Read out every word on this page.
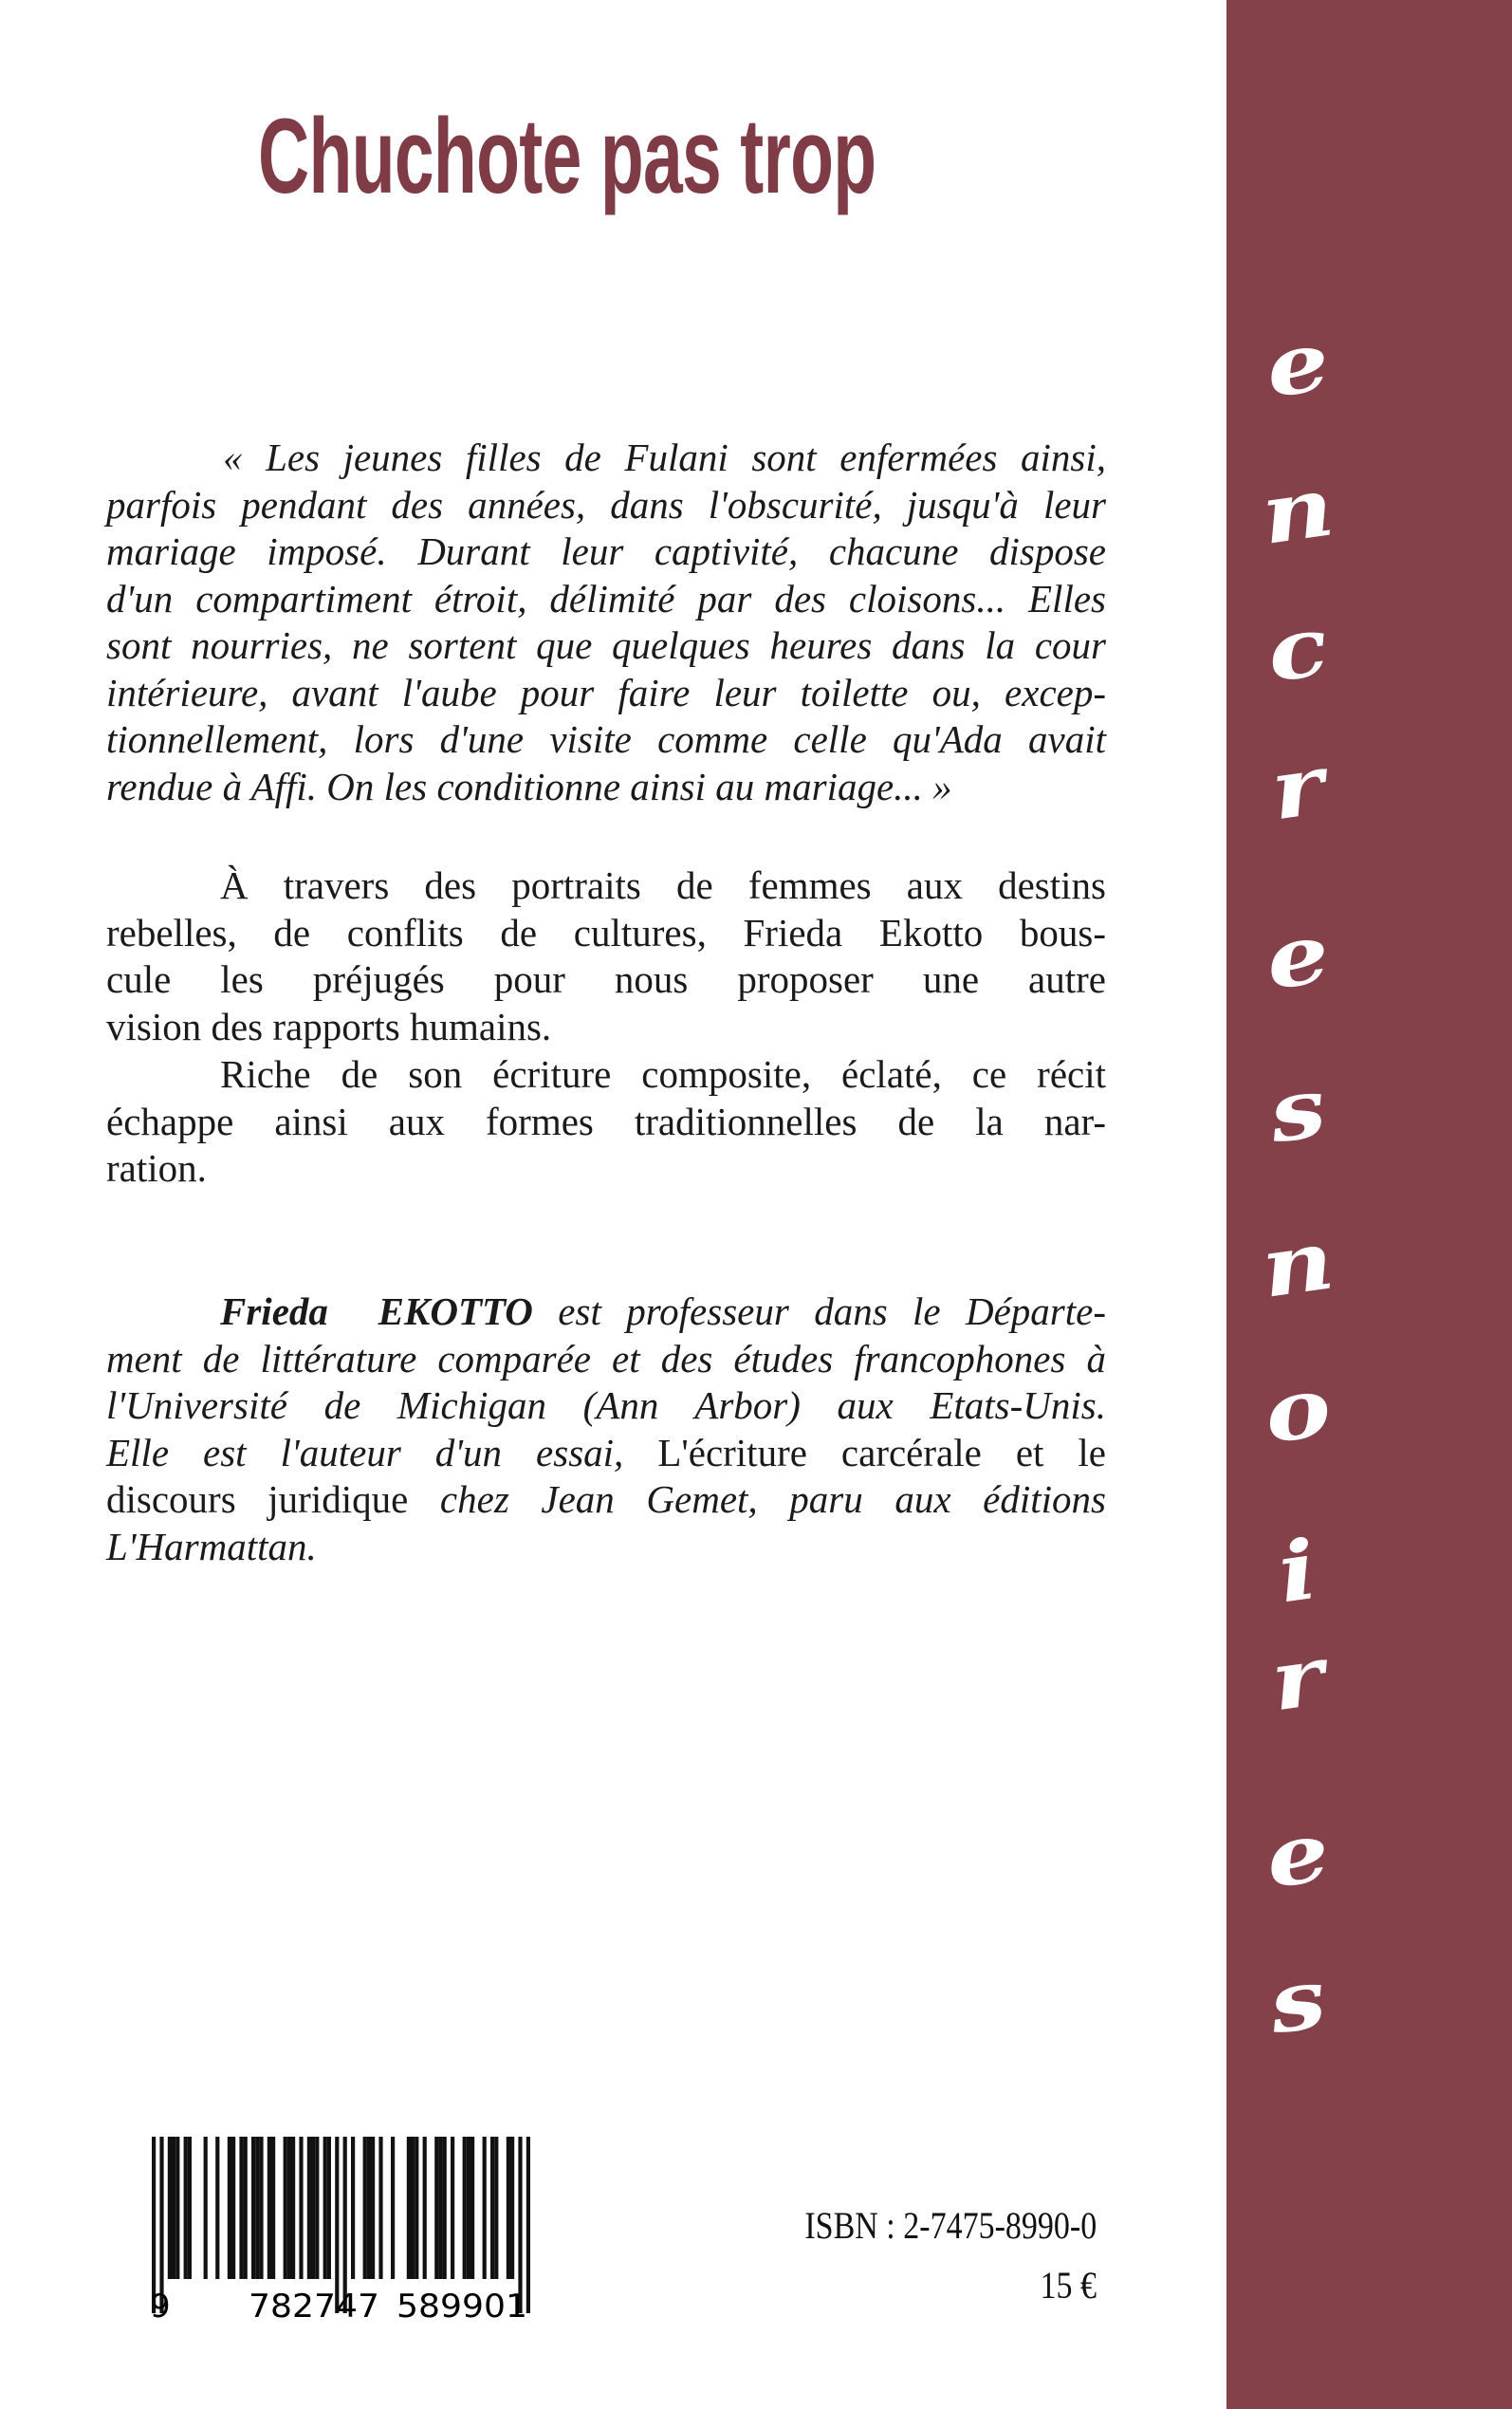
Chuchote pas trop
« Les jeunes filles de Fulani sont enfermées ainsi,
parfois pendant des années, dans l'obscurité, jusqu'à leur
mariage imposé. Durant leur captivité, chacune dispose
d'un compartiment étroit, délimité par des cloisons... Elles
sont nourries, ne sortent que quelques heures dans la cour
intérieure, avant l'aube pour faire leur toilette ou, excep-
tionnellement, lors d'une visite comme celle qu'Ada avait
rendue à Affi. On les conditionne ainsi au mariage... »
À travers des portraits de femmes aux destins
rebelles, de conflits de cultures, Frieda Ekotto bous-
cule les préjugés pour nous proposer une autre
vision des rapports humains.
Riche de son écriture composite, éclaté, ce récit
échappe ainsi aux formes traditionnelles de la nar-
ration.
Frieda  EKOTTO est professeur dans le Départe-
ment de littérature comparée et des études francophones à
l'Université de Michigan (Ann Arbor) aux Etats-Unis.
Elle est l'auteur d'un essai, L'écriture carcérale et le
discours juridique chez Jean Gemet, paru aux éditions
L'Harmattan.
e
n
c
r
e
s
n
o
i
r
e
s
9 782747 589901
ISBN : 2-7475-8990-0
15 €
